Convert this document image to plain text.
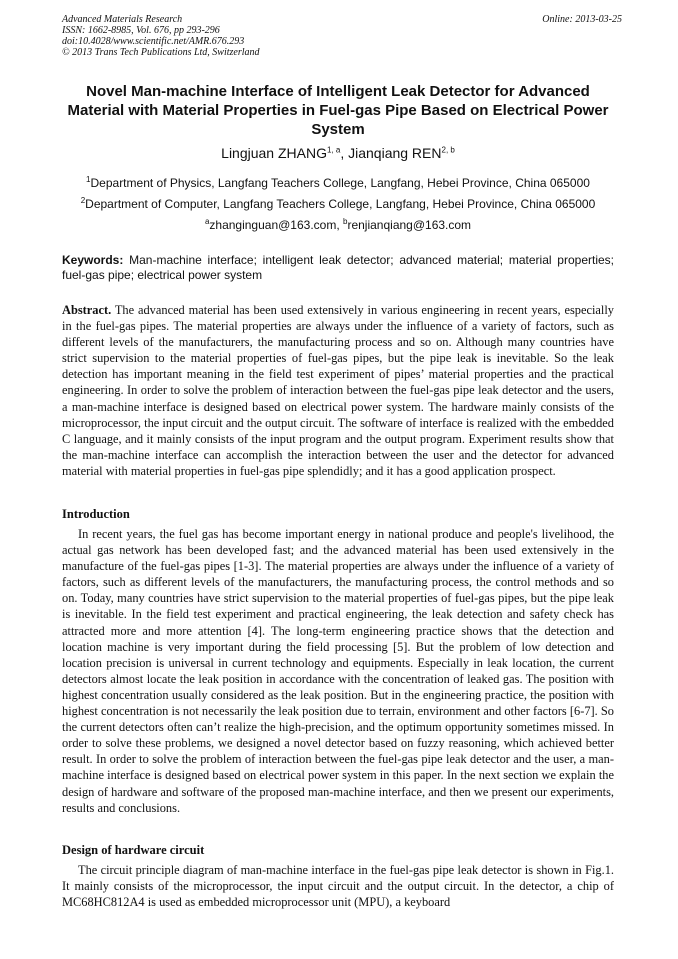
Advanced Materials Research
ISSN: 1662-8985, Vol. 676, pp 293-296
doi:10.4028/www.scientific.net/AMR.676.293
© 2013 Trans Tech Publications Ltd, Switzerland
Online: 2013-03-25
Novel Man-machine Interface of Intelligent Leak Detector for Advanced Material with Material Properties in Fuel-gas Pipe Based on Electrical Power System
Lingjuan ZHANG$^{1, a}$, Jianqiang REN$^{2, b}$
$^1$Department of Physics, Langfang Teachers College, Langfang, Hebei Province, China 065000
$^2$Department of Computer, Langfang Teachers College, Langfang, Hebei Province, China 065000
$^a$zhanginguan@163.com, $^b$renjianqiang@163.com
Keywords: Man-machine interface; intelligent leak detector; advanced material; material properties; fuel-gas pipe; electrical power system
Abstract. The advanced material has been used extensively in various engineering in recent years, especially in the fuel-gas pipes. The material properties are always under the influence of a variety of factors, such as different levels of the manufacturers, the manufacturing process and so on. Although many countries have strict supervision to the material properties of fuel-gas pipes, but the pipe leak is inevitable. So the leak detection has important meaning in the field test experiment of pipes’ material properties and the practical engineering. In order to solve the problem of interaction between the fuel-gas pipe leak detector and the users, a man-machine interface is designed based on electrical power system. The hardware mainly consists of the microprocessor, the input circuit and the output circuit. The software of interface is realized with the embedded C language, and it mainly consists of the input program and the output program. Experiment results show that the man-machine interface can accomplish the interaction between the user and the detector for advanced material with material properties in fuel-gas pipe splendidly; and it has a good application prospect.
Introduction
In recent years, the fuel gas has become important energy in national produce and people's livelihood, the actual gas network has been developed fast; and the advanced material has been used extensively in the manufacture of the fuel-gas pipes [1-3]. The material properties are always under the influence of a variety of factors, such as different levels of the manufacturers, the manufacturing process, the control methods and so on. Today, many countries have strict supervision to the material properties of fuel-gas pipes, but the pipe leak is inevitable. In the field test experiment and practical engineering, the leak detection and safety check has attracted more and more attention [4]. The long-term engineering practice shows that the detection and location machine is very important during the field processing [5]. But the problem of low detection and location precision is universal in current technology and equipments. Especially in leak location, the current detectors almost locate the leak position in accordance with the concentration of leaked gas. The position with highest concentration usually considered as the leak position. But in the engineering practice, the position with highest concentration is not necessarily the leak position due to terrain, environment and other factors [6-7]. So the current detectors often can’t realize the high-precision, and the optimum opportunity sometimes missed. In order to solve these problems, we designed a novel detector based on fuzzy reasoning, which achieved better result. In order to solve the problem of interaction between the fuel-gas pipe leak detector and the user, a man-machine interface is designed based on electrical power system in this paper. In the next section we explain the design of hardware and software of the proposed man-machine interface, and then we present our experiments, results and conclusions.
Design of hardware circuit
The circuit principle diagram of man-machine interface in the fuel-gas pipe leak detector is shown in Fig.1. It mainly consists of the microprocessor, the input circuit and the output circuit. In the detector, a chip of MC68HC812A4 is used as embedded microprocessor unit (MPU), a keyboard
